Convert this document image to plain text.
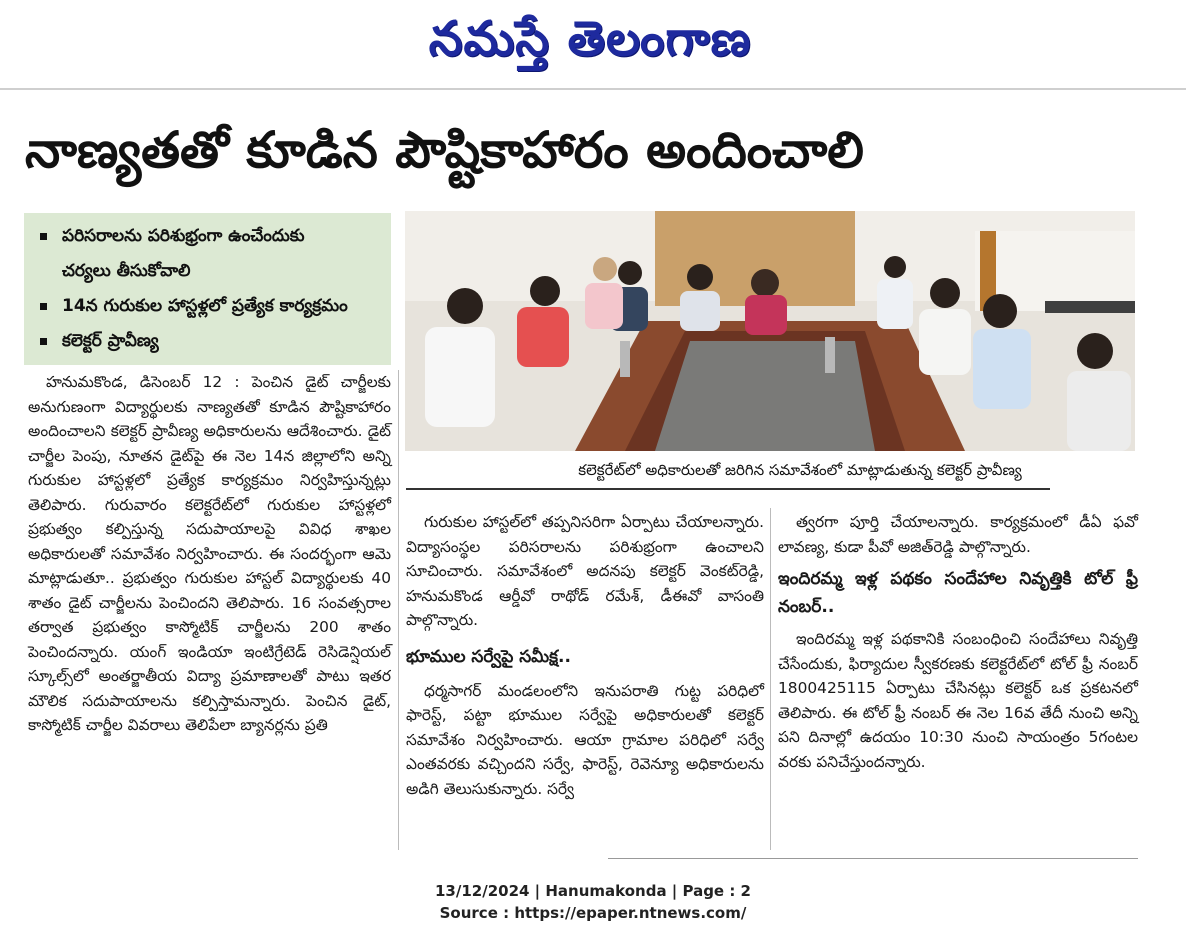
నమస్తే తెలంగాణ
నాణ్యతతో కూడిన పౌష్టికాహారం అందించాలి
పరిసరాలను పరిశుభ్రంగా ఉంచేందుకు
చర్యలు తీసుకోవాలి
14న గురుకుల హాస్టళ్లలో ప్రత్యేక కార్యక్రమం
కలెక్టర్ ప్రావీణ్య
కలెక్టరేట్‌లో అధికారులతో జరిగిన సమావేశంలో మాట్లాడుతున్న కలెక్టర్ ప్రావీణ్య

హనుమకొండ, డిసెంబర్ 12 : పెంచిన డైట్ చార్జీలకు అనుగుణంగా విద్యార్థులకు నాణ్యతతో కూడిన పౌష్టికాహారం అందించాలని కలెక్టర్ ప్రావీణ్య అధికారులను ఆదేశించారు. డైట్ చార్జీల పెంపు, నూతన డైట్‌పై ఈ నెల 14న జిల్లాలోని అన్ని గురుకుల హాస్టళ్లలో ప్రత్యేక కార్యక్రమం నిర్వహిస్తున్నట్లు తెలిపారు. గురువారం కలెక్టరేట్‌లో గురుకుల హాస్టళ్లలో ప్రభుత్వం కల్పిస్తున్న సదుపాయాలపై వివిధ శాఖల అధికారులతో సమావేశం నిర్వహించారు. ఈ సందర్భంగా ఆమె మాట్లాడుతూ.. ప్రభుత్వం గురుకుల హాస్టల్ విద్యార్థులకు 40 శాతం డైట్ చార్జీలను పెంచిందని తెలిపారు. 16 సంవత్సరాల తర్వాత ప్రభుత్వం కాస్మోటిక్ చార్జీలను 200 శాతం పెంచిందన్నారు. యంగ్ ఇండియా ఇంటిగ్రేటెడ్ రెసిడెన్షియల్ స్కూల్స్‌లో అంతర్జాతీయ విద్యా ప్రమాణాలతో పాటు ఇతర మౌలిక సదుపాయాలను కల్పిస్తామన్నారు. పెంచిన డైట్, కాస్మోటిక్ చార్జీల వివరాలు తెలిపేలా బ్యానర్లను ప్రతి

గురుకుల హాస్టల్‌లో తప్పనిసరిగా ఏర్పాటు చేయాలన్నారు. విద్యాసంస్థల పరిసరాలను పరిశుభ్రంగా ఉంచాలని సూచించారు. సమావేశంలో అదనపు కలెక్టర్ వెంకట్‌రెడ్డి, హనుమకొండ ఆర్డీవో రాథోడ్ రమేశ్, డీఈవో వాసంతి పాల్గొన్నారు.

భూముల సర్వేపై సమీక్ష..

ధర్మసాగర్ మండలంలోని ఇనుపరాతి గుట్ట పరిధిలో ఫారెస్ట్, పట్టా భూముల సర్వేపై అధికారులతో కలెక్టర్ సమావేశం నిర్వహించారు. ఆయా గ్రామాల పరిధిలో సర్వే ఎంతవరకు వచ్చిందని సర్వే, ఫారెస్ట్, రెవెన్యూ అధికారులను అడిగి తెలుసుకున్నారు. సర్వే

త్వరగా పూర్తి చేయాలన్నారు. కార్యక్రమంలో డీఏ ఫవో లావణ్య, కుడా పీవో అజిత్‌రెడ్డి పాల్గొన్నారు.

ఇందిరమ్మ ఇళ్ల పథకం సందేహాల నివృత్తికి టోల్ ఫ్రీ నంబర్..

ఇందిరమ్మ ఇళ్ల పథకానికి సంబంధించి సందేహాలు నివృత్తి చేసేందుకు, ఫిర్యాదుల స్వీకరణకు కలెక్టరేట్‌లో టోల్ ఫ్రీ నంబర్ 1800425115 ఏర్పాటు చేసినట్లు కలెక్టర్ ఒక ప్రకటనలో తెలిపారు. ఈ టోల్ ఫ్రీ నంబర్ ఈ నెల 16వ తేదీ నుంచి అన్ని పని దినాల్లో ఉదయం 10:30 నుంచి సాయంత్రం 5గంటల వరకు పనిచేస్తుందన్నారు.

13/12/2024 | Hanumakonda | Page : 2
Source : https://epaper.ntnews.com/
